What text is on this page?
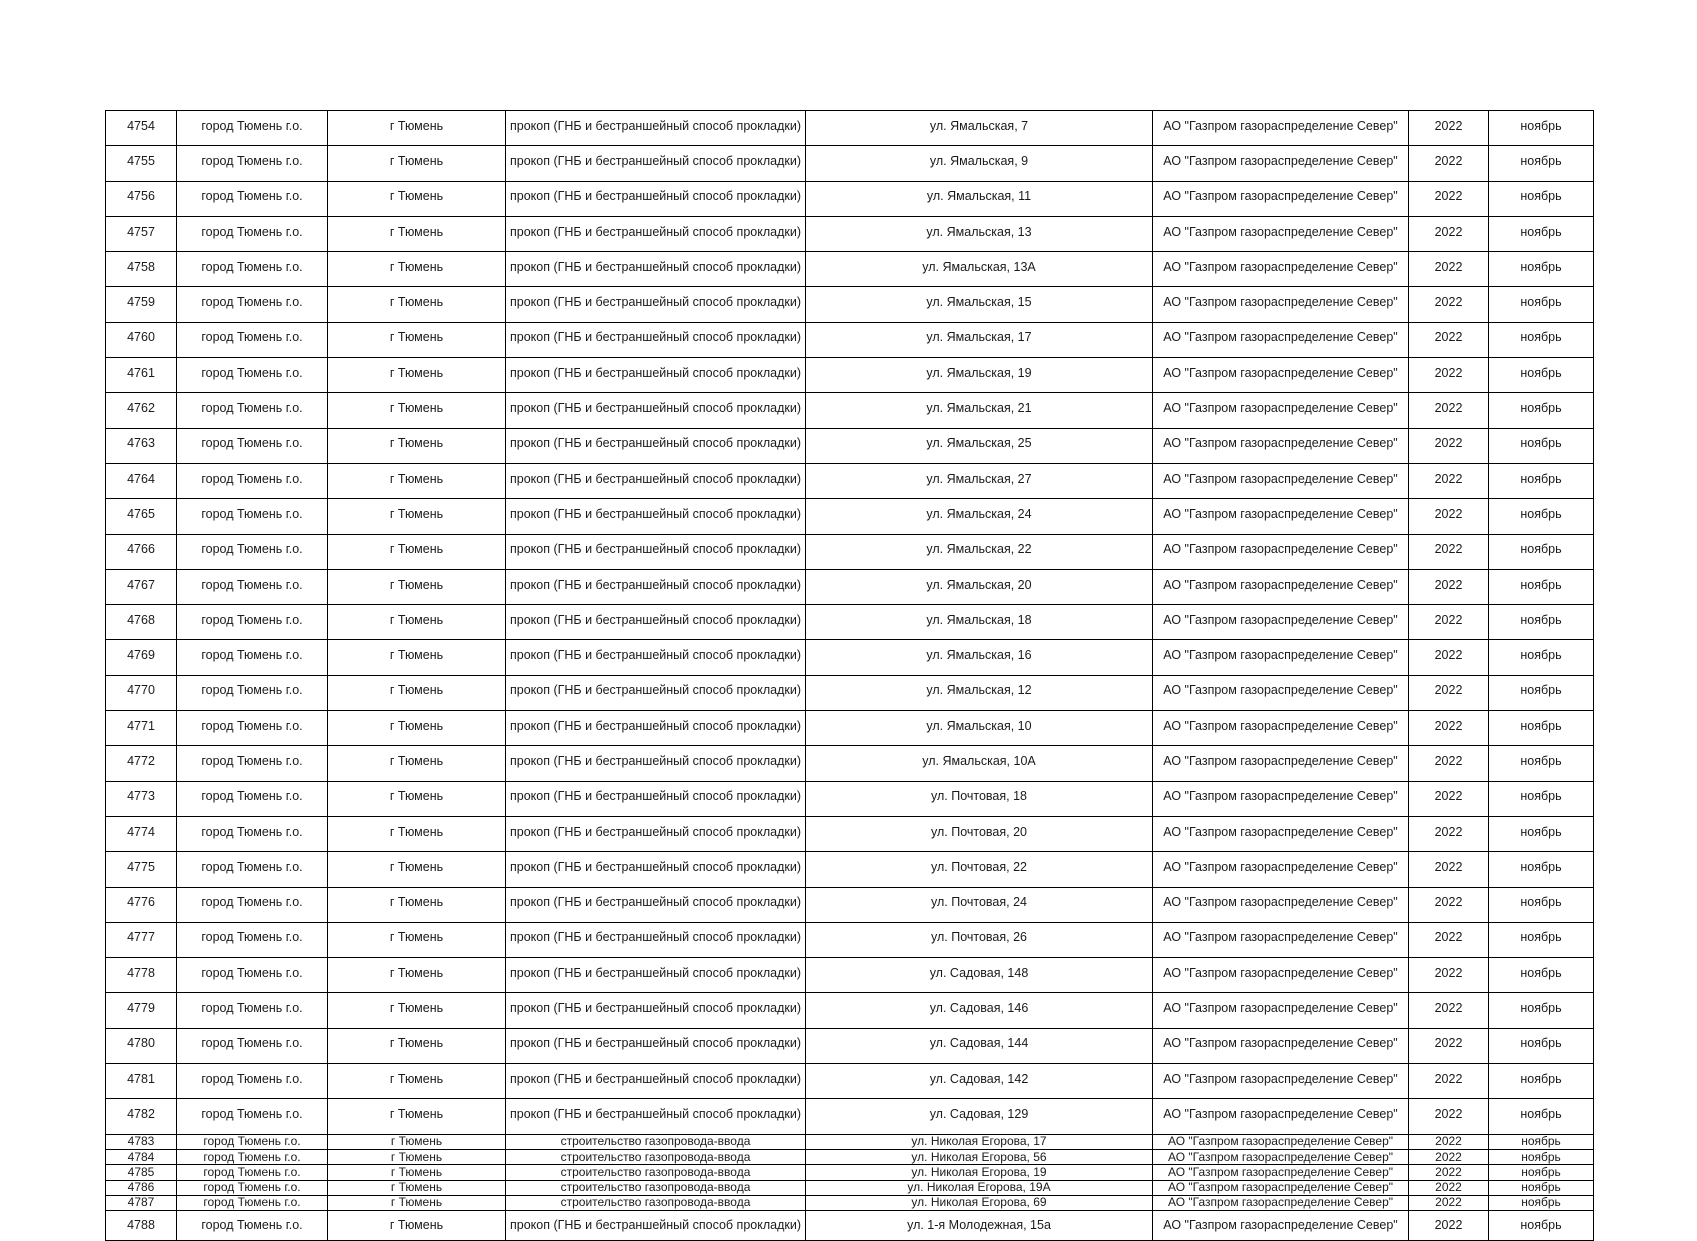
4754	город Тюмень г.о.	г Тюмень	прокоп (ГНБ и бестраншейный способ прокладки)	ул. Ямальская, 7	АО "Газпром газораспределение Север"	2022	ноябрь
4755	город Тюмень г.о.	г Тюмень	прокоп (ГНБ и бестраншейный способ прокладки)	ул. Ямальская, 9	АО "Газпром газораспределение Север"	2022	ноябрь
4756	город Тюмень г.о.	г Тюмень	прокоп (ГНБ и бестраншейный способ прокладки)	ул. Ямальская, 11	АО "Газпром газораспределение Север"	2022	ноябрь
4757	город Тюмень г.о.	г Тюмень	прокоп (ГНБ и бестраншейный способ прокладки)	ул. Ямальская, 13	АО "Газпром газораспределение Север"	2022	ноябрь
4758	город Тюмень г.о.	г Тюмень	прокоп (ГНБ и бестраншейный способ прокладки)	ул. Ямальская, 13А	АО "Газпром газораспределение Север"	2022	ноябрь
4759	город Тюмень г.о.	г Тюмень	прокоп (ГНБ и бестраншейный способ прокладки)	ул. Ямальская, 15	АО "Газпром газораспределение Север"	2022	ноябрь
4760	город Тюмень г.о.	г Тюмень	прокоп (ГНБ и бестраншейный способ прокладки)	ул. Ямальская, 17	АО "Газпром газораспределение Север"	2022	ноябрь
4761	город Тюмень г.о.	г Тюмень	прокоп (ГНБ и бестраншейный способ прокладки)	ул. Ямальская, 19	АО "Газпром газораспределение Север"	2022	ноябрь
4762	город Тюмень г.о.	г Тюмень	прокоп (ГНБ и бестраншейный способ прокладки)	ул. Ямальская, 21	АО "Газпром газораспределение Север"	2022	ноябрь
4763	город Тюмень г.о.	г Тюмень	прокоп (ГНБ и бестраншейный способ прокладки)	ул. Ямальская, 25	АО "Газпром газораспределение Север"	2022	ноябрь
4764	город Тюмень г.о.	г Тюмень	прокоп (ГНБ и бестраншейный способ прокладки)	ул. Ямальская, 27	АО "Газпром газораспределение Север"	2022	ноябрь
4765	город Тюмень г.о.	г Тюмень	прокоп (ГНБ и бестраншейный способ прокладки)	ул. Ямальская, 24	АО "Газпром газораспределение Север"	2022	ноябрь
4766	город Тюмень г.о.	г Тюмень	прокоп (ГНБ и бестраншейный способ прокладки)	ул. Ямальская, 22	АО "Газпром газораспределение Север"	2022	ноябрь
4767	город Тюмень г.о.	г Тюмень	прокоп (ГНБ и бестраншейный способ прокладки)	ул. Ямальская, 20	АО "Газпром газораспределение Север"	2022	ноябрь
4768	город Тюмень г.о.	г Тюмень	прокоп (ГНБ и бестраншейный способ прокладки)	ул. Ямальская, 18	АО "Газпром газораспределение Север"	2022	ноябрь
4769	город Тюмень г.о.	г Тюмень	прокоп (ГНБ и бестраншейный способ прокладки)	ул. Ямальская, 16	АО "Газпром газораспределение Север"	2022	ноябрь
4770	город Тюмень г.о.	г Тюмень	прокоп (ГНБ и бестраншейный способ прокладки)	ул. Ямальская, 12	АО "Газпром газораспределение Север"	2022	ноябрь
4771	город Тюмень г.о.	г Тюмень	прокоп (ГНБ и бестраншейный способ прокладки)	ул. Ямальская, 10	АО "Газпром газораспределение Север"	2022	ноябрь
4772	город Тюмень г.о.	г Тюмень	прокоп (ГНБ и бестраншейный способ прокладки)	ул. Ямальская, 10А	АО "Газпром газораспределение Север"	2022	ноябрь
4773	город Тюмень г.о.	г Тюмень	прокоп (ГНБ и бестраншейный способ прокладки)	ул. Почтовая, 18	АО "Газпром газораспределение Север"	2022	ноябрь
4774	город Тюмень г.о.	г Тюмень	прокоп (ГНБ и бестраншейный способ прокладки)	ул. Почтовая, 20	АО "Газпром газораспределение Север"	2022	ноябрь
4775	город Тюмень г.о.	г Тюмень	прокоп (ГНБ и бестраншейный способ прокладки)	ул. Почтовая, 22	АО "Газпром газораспределение Север"	2022	ноябрь
4776	город Тюмень г.о.	г Тюмень	прокоп (ГНБ и бестраншейный способ прокладки)	ул. Почтовая, 24	АО "Газпром газораспределение Север"	2022	ноябрь
4777	город Тюмень г.о.	г Тюмень	прокоп (ГНБ и бестраншейный способ прокладки)	ул. Почтовая, 26	АО "Газпром газораспределение Север"	2022	ноябрь
4778	город Тюмень г.о.	г Тюмень	прокоп (ГНБ и бестраншейный способ прокладки)	ул. Садовая, 148	АО "Газпром газораспределение Север"	2022	ноябрь
4779	город Тюмень г.о.	г Тюмень	прокоп (ГНБ и бестраншейный способ прокладки)	ул. Садовая, 146	АО "Газпром газораспределение Север"	2022	ноябрь
4780	город Тюмень г.о.	г Тюмень	прокоп (ГНБ и бестраншейный способ прокладки)	ул. Садовая, 144	АО "Газпром газораспределение Север"	2022	ноябрь
4781	город Тюмень г.о.	г Тюмень	прокоп (ГНБ и бестраншейный способ прокладки)	ул. Садовая, 142	АО "Газпром газораспределение Север"	2022	ноябрь
4782	город Тюмень г.о.	г Тюмень	прокоп (ГНБ и бестраншейный способ прокладки)	ул. Садовая, 129	АО "Газпром газораспределение Север"	2022	ноябрь
4783	город Тюмень г.о.	г Тюмень	строительство газопровода-ввода	ул. Николая Егорова, 17	АО "Газпром газораспределение Север"	2022	ноябрь
4784	город Тюмень г.о.	г Тюмень	строительство газопровода-ввода	ул. Николая Егорова, 56	АО "Газпром газораспределение Север"	2022	ноябрь
4785	город Тюмень г.о.	г Тюмень	строительство газопровода-ввода	ул. Николая Егорова, 19	АО "Газпром газораспределение Север"	2022	ноябрь
4786	город Тюмень г.о.	г Тюмень	строительство газопровода-ввода	ул. Николая Егорова, 19А	АО "Газпром газораспределение Север"	2022	ноябрь
4787	город Тюмень г.о.	г Тюмень	строительство газопровода-ввода	ул. Николая Егорова, 69	АО "Газпром газораспределение Север"	2022	ноябрь
4788	город Тюмень г.о.	г Тюмень	прокоп (ГНБ и бестраншейный способ прокладки)	ул. 1-я Молодежная, 15а	АО "Газпром газораспределение Север"	2022	ноябрь
